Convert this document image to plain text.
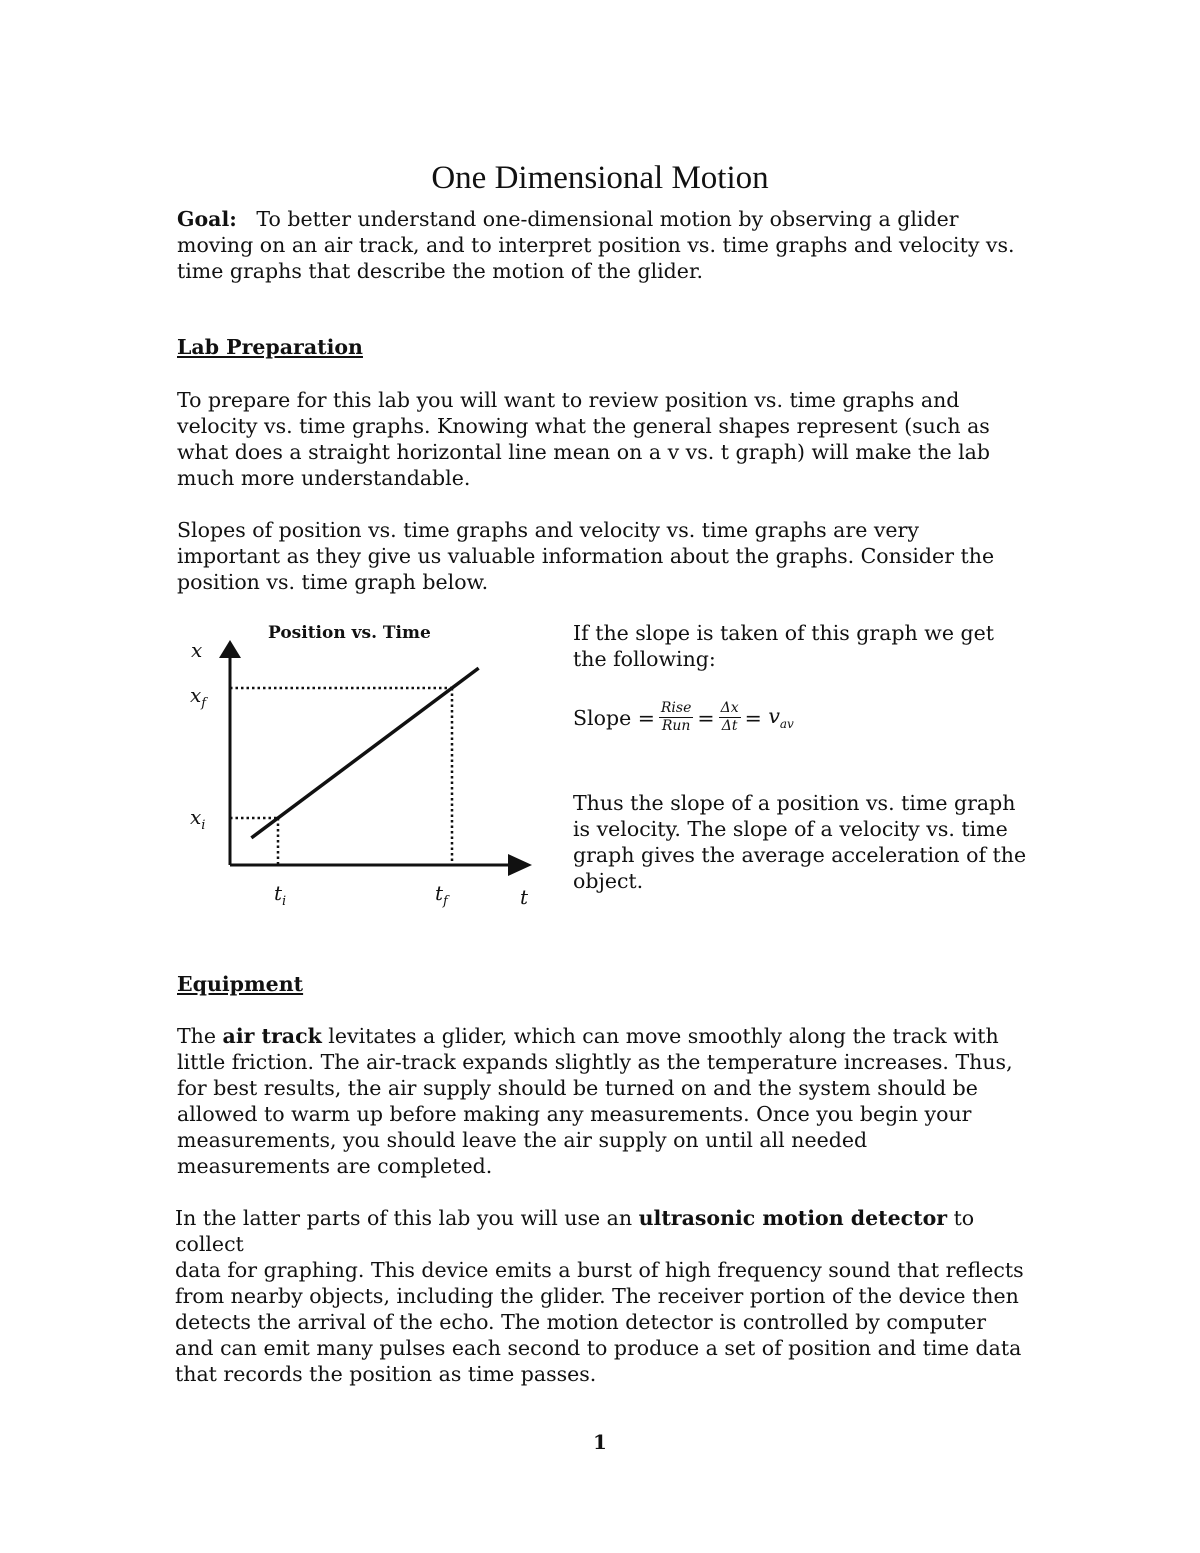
One Dimensional Motion
Goal: To better understand one-dimensional motion by observing a glider
moving on an air track, and to interpret position vs. time graphs and velocity vs.
time graphs that describe the motion of the glider.
Lab Preparation
To prepare for this lab you will want to review position vs. time graphs and
velocity vs. time graphs. Knowing what the general shapes represent (such as
what does a straight horizontal line mean on a v vs. t graph) will make the lab
much more understandable.
Slopes of position vs. time graphs and velocity vs. time graphs are very
important as they give us valuable information about the graphs. Consider the
position vs. time graph below.
Position vs. Time
x
t
$t_i$	$t_f$
$x_i$
$x_f$
If the slope is taken of this graph we get
the following:
Slope = $\frac{\text{Rise}}{\text{Run}} = \frac{\Delta x}{\Delta t}$ =
$v_{av}$
Thus the slope of a position vs. time graph
is velocity. The slope of a velocity vs. time
graph gives the average acceleration of the
object.
Equipment
The air track levitates a glider, which can move smoothly along the track with
little friction. The air-track expands slightly as the temperature increases. Thus,
for best results, the air supply should be turned on and the system should be
allowed to warm up before making any measurements. Once you begin your
measurements, you should leave the air supply on until all needed
measurements are completed.
In the latter parts of this lab you will use an ultrasonic motion detector to collect
data for graphing. This device emits a burst of high frequency sound that reflects
from nearby objects, including the glider. The receiver portion of the device then
detects the arrival of the echo. The motion detector is controlled by computer
and can emit many pulses each second to produce a set of position and time data
that records the position as time passes.
1
